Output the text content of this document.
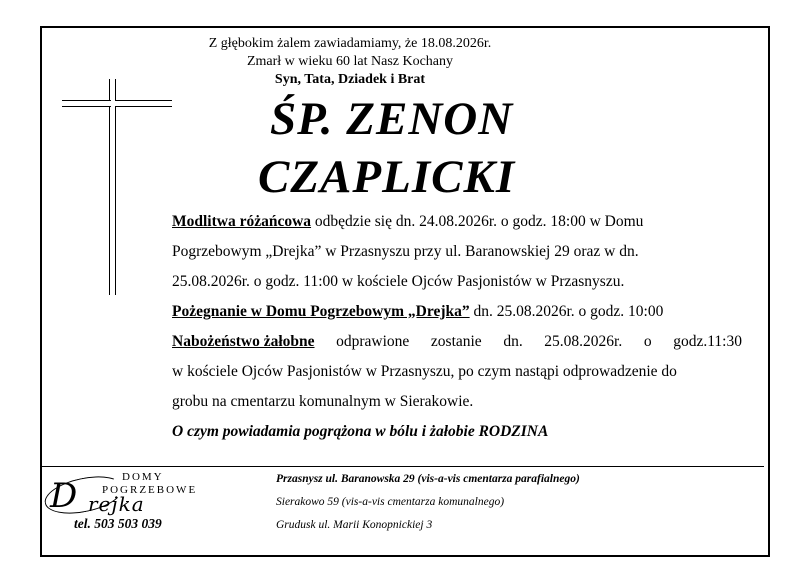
Z głębokim żalem zawiadamiamy, że 18.08.2026r.
Zmarł w wieku 60 lat Nasz Kochany
Syn, Tata, Dziadek i Brat
ŚP. ZENON
CZAPLICKI
Modlitwa różańcowa odbędzie się dn. 24.08.2026r. o godz. 18:00 w Domu
Pogrzebowym „Drejka” w Przasnyszu przy ul. Baranowskiej 29 oraz w dn.
25.08.2026r. o godz. 11:00 w kościele Ojców Pasjonistów w Przasnyszu.
Pożegnanie w Domu Pogrzebowym „Drejka” dn. 25.08.2026r. o godz. 10:00
Nabożeństwo żałobne odprawione zostanie dn. 25.08.2026r. o godz.11:30
w kościele Ojców Pasjonistów w Przasnyszu, po czym nastąpi odprowadzenie do
grobu na cmentarzu komunalnym w Sierakowie.
O czym powiadamia pogrążona w bólu i żałobie RODZINA
DOMY
POGRZEBOWE
D rejka
tel. 503 503 039
Przasnysz ul. Baranowska 29 (vis-a-vis cmentarza parafialnego)
Sierakowo 59 (vis-a-vis cmentarza komunalnego)
Grudusk ul. Marii Konopnickiej 3
